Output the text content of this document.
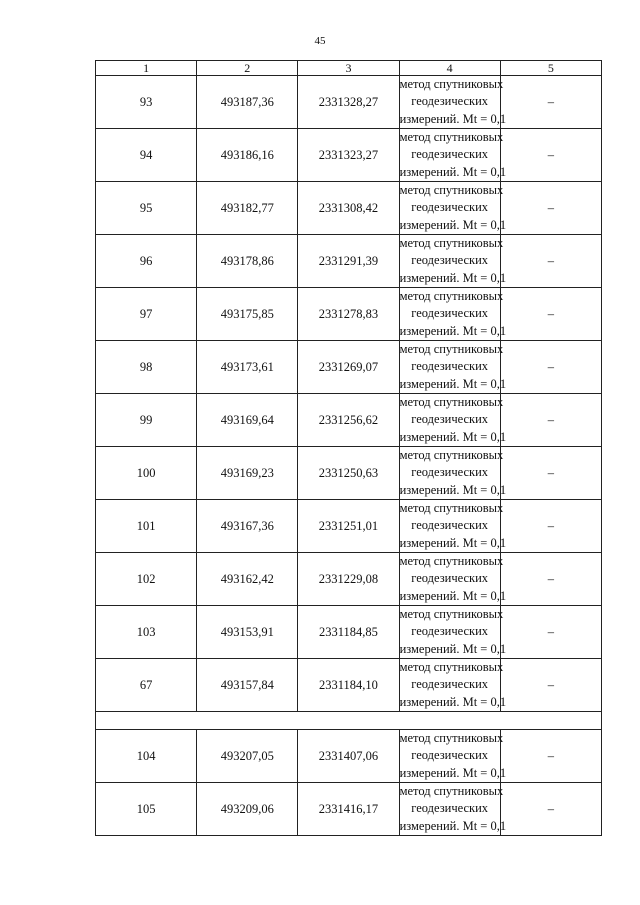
45
1	2	3	4	5
93	493187,36	2331328,27	метод спутниковых
геодезических
измерений. Mt = 0,1	–
94	493186,16	2331323,27	метод спутниковых
геодезических
измерений. Mt = 0,1	–
95	493182,77	2331308,42	метод спутниковых
геодезических
измерений. Mt = 0,1	–
96	493178,86	2331291,39	метод спутниковых
геодезических
измерений. Mt = 0,1	–
97	493175,85	2331278,83	метод спутниковых
геодезических
измерений. Mt = 0,1	–
98	493173,61	2331269,07	метод спутниковых
геодезических
измерений. Mt = 0,1	–
99	493169,64	2331256,62	метод спутниковых
геодезических
измерений. Mt = 0,1	–
100	493169,23	2331250,63	метод спутниковых
геодезических
измерений. Mt = 0,1	–
101	493167,36	2331251,01	метод спутниковых
геодезических
измерений. Mt = 0,1	–
102	493162,42	2331229,08	метод спутниковых
геодезических
измерений. Mt = 0,1	–
103	493153,91	2331184,85	метод спутниковых
геодезических
измерений. Mt = 0,1	–
67	493157,84	2331184,10	метод спутниковых
геодезических
измерений. Mt = 0,1	–

104	493207,05	2331407,06	метод спутниковых
геодезических
измерений. Mt = 0,1	–
105	493209,06	2331416,17	метод спутниковых
геодезических
измерений. Mt = 0,1	–
